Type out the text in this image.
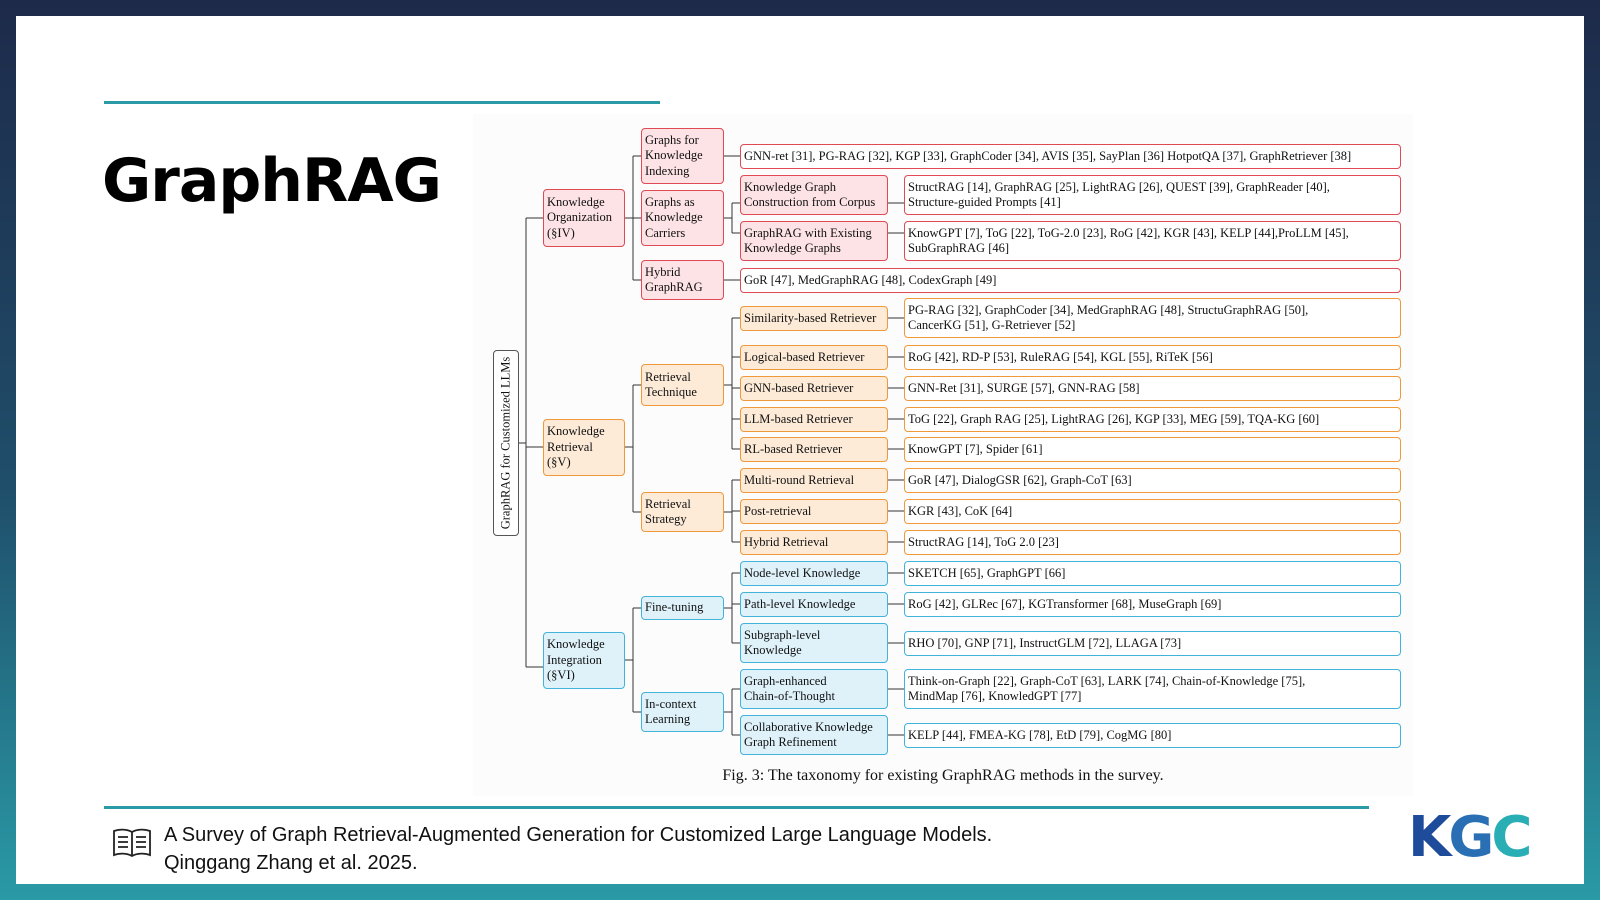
GraphRAG
GraphRAG for Customized LLMs
Knowledge
Organization
(§IV)
Knowledge
Retrieval
(§V)
Knowledge
Integration
(§VI)
Graphs for
Knowledge
Indexing
Graphs as
Knowledge
Carriers
Hybrid
GraphRAG
Retrieval
Technique
Retrieval
Strategy
Fine-tuning
In-context
Learning
Knowledge Graph
Construction from Corpus
GraphRAG with Existing
Knowledge Graphs
Similarity-based Retriever
Logical-based Retriever
GNN-based Retriever
LLM-based Retriever
RL-based Retriever
Multi-round Retrieval
Post-retrieval
Hybrid Retrieval
Node-level Knowledge
Path-level Knowledge
Subgraph-level
Knowledge
Graph-enhanced
Chain-of-Thought
Collaborative Knowledge
Graph Refinement
GNN-ret [31], PG-RAG [32], KGP [33], GraphCoder [34], AVIS [35], SayPlan [36] HotpotQA [37], GraphRetriever [38]
StructRAG [14], GraphRAG [25], LightRAG [26], QUEST [39], GraphReader [40],
Structure-guided Prompts [41]
KnowGPT [7], ToG [22], ToG-2.0 [23], RoG [42], KGR [43], KELP [44],ProLLM [45],
SubGraphRAG [46]
GoR [47], MedGraphRAG [48], CodexGraph [49]
PG-RAG [32], GraphCoder [34], MedGraphRAG [48], StructuGraphRAG [50],
CancerKG [51], G-Retriever [52]
RoG [42], RD-P [53], RuleRAG [54], KGL [55], RiTeK [56]
GNN-Ret [31], SURGE [57], GNN-RAG [58]
ToG [22], Graph RAG [25], LightRAG [26], KGP [33], MEG [59], TQA-KG [60]
KnowGPT [7], Spider [61]
GoR [47], DialogGSR [62], Graph-CoT [63]
KGR [43], CoK [64]
StructRAG [14], ToG 2.0 [23]
SKETCH [65], GraphGPT [66]
RoG [42], GLRec [67], KGTransformer [68], MuseGraph [69]
RHO [70], GNP [71], InstructGLM [72], LLAGA [73]
Think-on-Graph [22], Graph-CoT [63], LARK [74], Chain-of-Knowledge [75],
MindMap [76], KnowledGPT [77]
KELP [44], FMEA-KG [78], EtD [79], CogMG [80]
Fig. 3: The taxonomy for existing GraphRAG methods in the survey.
A Survey of Graph Retrieval-Augmented Generation for Customized Large Language Models.
Qinggang Zhang et al. 2025.	KGC
